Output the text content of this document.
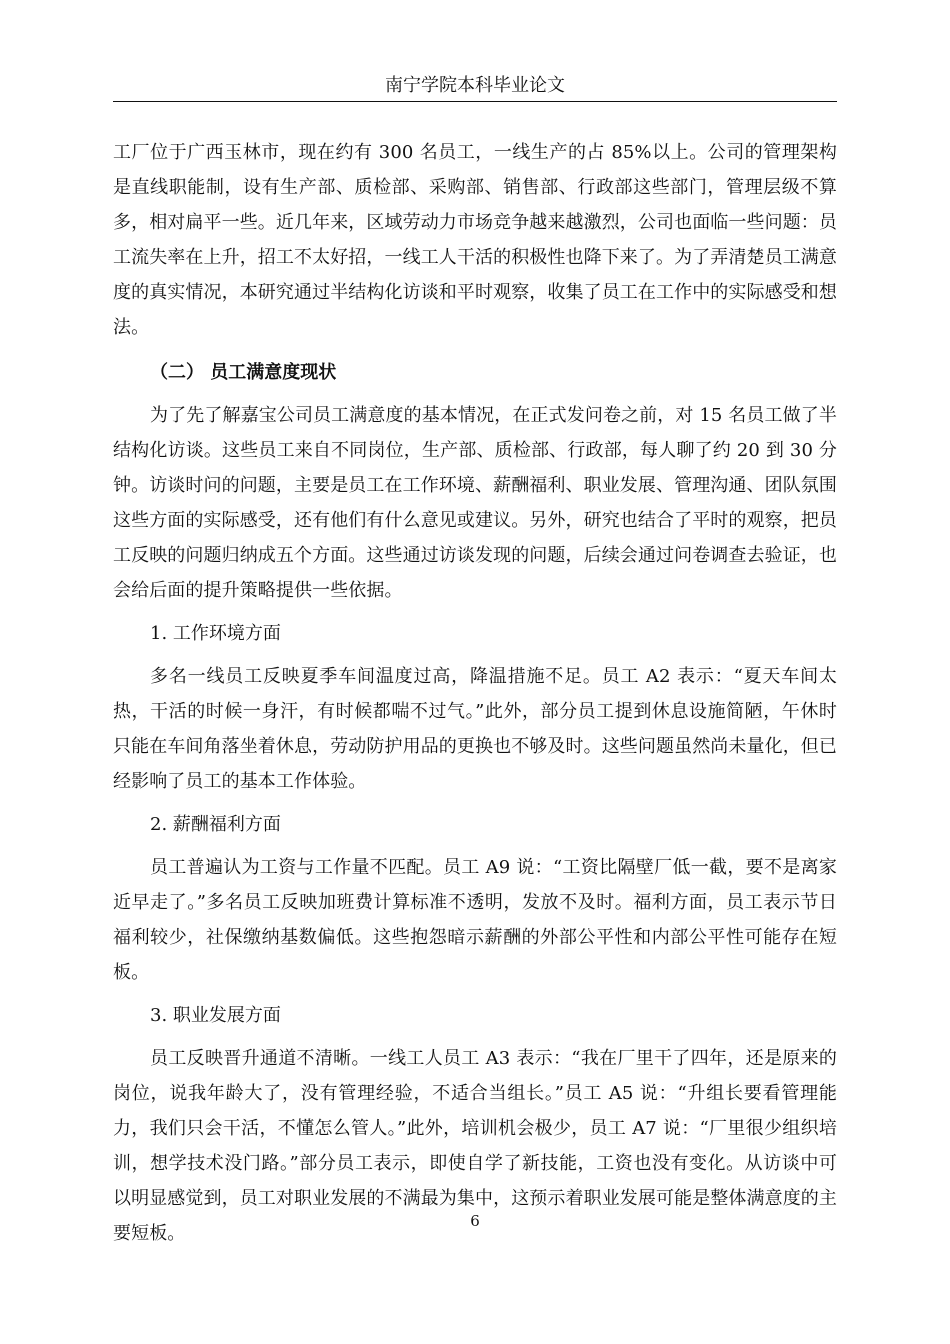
南宁学院本科毕业论文

工厂位于广西玉林市，现在约有 300 名员工，一线生产的占 85%以上。公司的管理架构是直线职能制，设有生产部、质检部、采购部、销售部、行政部这些部门，管理层级不算多，相对扁平一些。近几年来，区域劳动力市场竞争越来越激烈，公司也面临一些问题：员工流失率在上升，招工不太好招，一线工人干活的积极性也降下来了。为了弄清楚员工满意度的真实情况，本研究通过半结构化访谈和平时观察，收集了员工在工作中的实际感受和想法。

（二） 员工满意度现状

为了先了解嘉宝公司员工满意度的基本情况，在正式发问卷之前，对 15 名员工做了半结构化访谈。这些员工来自不同岗位，生产部、质检部、行政部，每人聊了约 20 到 30 分钟。访谈时问的问题，主要是员工在工作环境、薪酬福利、职业发展、管理沟通、团队氛围这些方面的实际感受，还有他们有什么意见或建议。另外，研究也结合了平时的观察，把员工反映的问题归纳成五个方面。这些通过访谈发现的问题，后续会通过问卷调查去验证，也会给后面的提升策略提供一些依据。

1. 工作环境方面

多名一线员工反映夏季车间温度过高，降温措施不足。员工 A2 表示：“夏天车间太热，干活的时候一身汗，有时候都喘不过气。”此外，部分员工提到休息设施简陋，午休时只能在车间角落坐着休息，劳动防护用品的更换也不够及时。这些问题虽然尚未量化，但已经影响了员工的基本工作体验。

2. 薪酬福利方面

员工普遍认为工资与工作量不匹配。员工 A9 说：“工资比隔壁厂低一截，要不是离家近早走了。”多名员工反映加班费计算标准不透明，发放不及时。福利方面，员工表示节日福利较少，社保缴纳基数偏低。这些抱怨暗示薪酬的外部公平性和内部公平性可能存在短板。

3. 职业发展方面

员工反映晋升通道不清晰。一线工人员工 A3 表示：“我在厂里干了四年，还是原来的岗位，说我年龄大了，没有管理经验，不适合当组长。”员工 A5 说：“升组长要看管理能力，我们只会干活，不懂怎么管人。”此外，培训机会极少，员工 A7 说：“厂里很少组织培训，想学技术没门路。”部分员工表示，即使自学了新技能，工资也没有变化。从访谈中可以明显感觉到，员工对职业发展的不满最为集中，这预示着职业发展可能是整体满意度的主要短板。

6
